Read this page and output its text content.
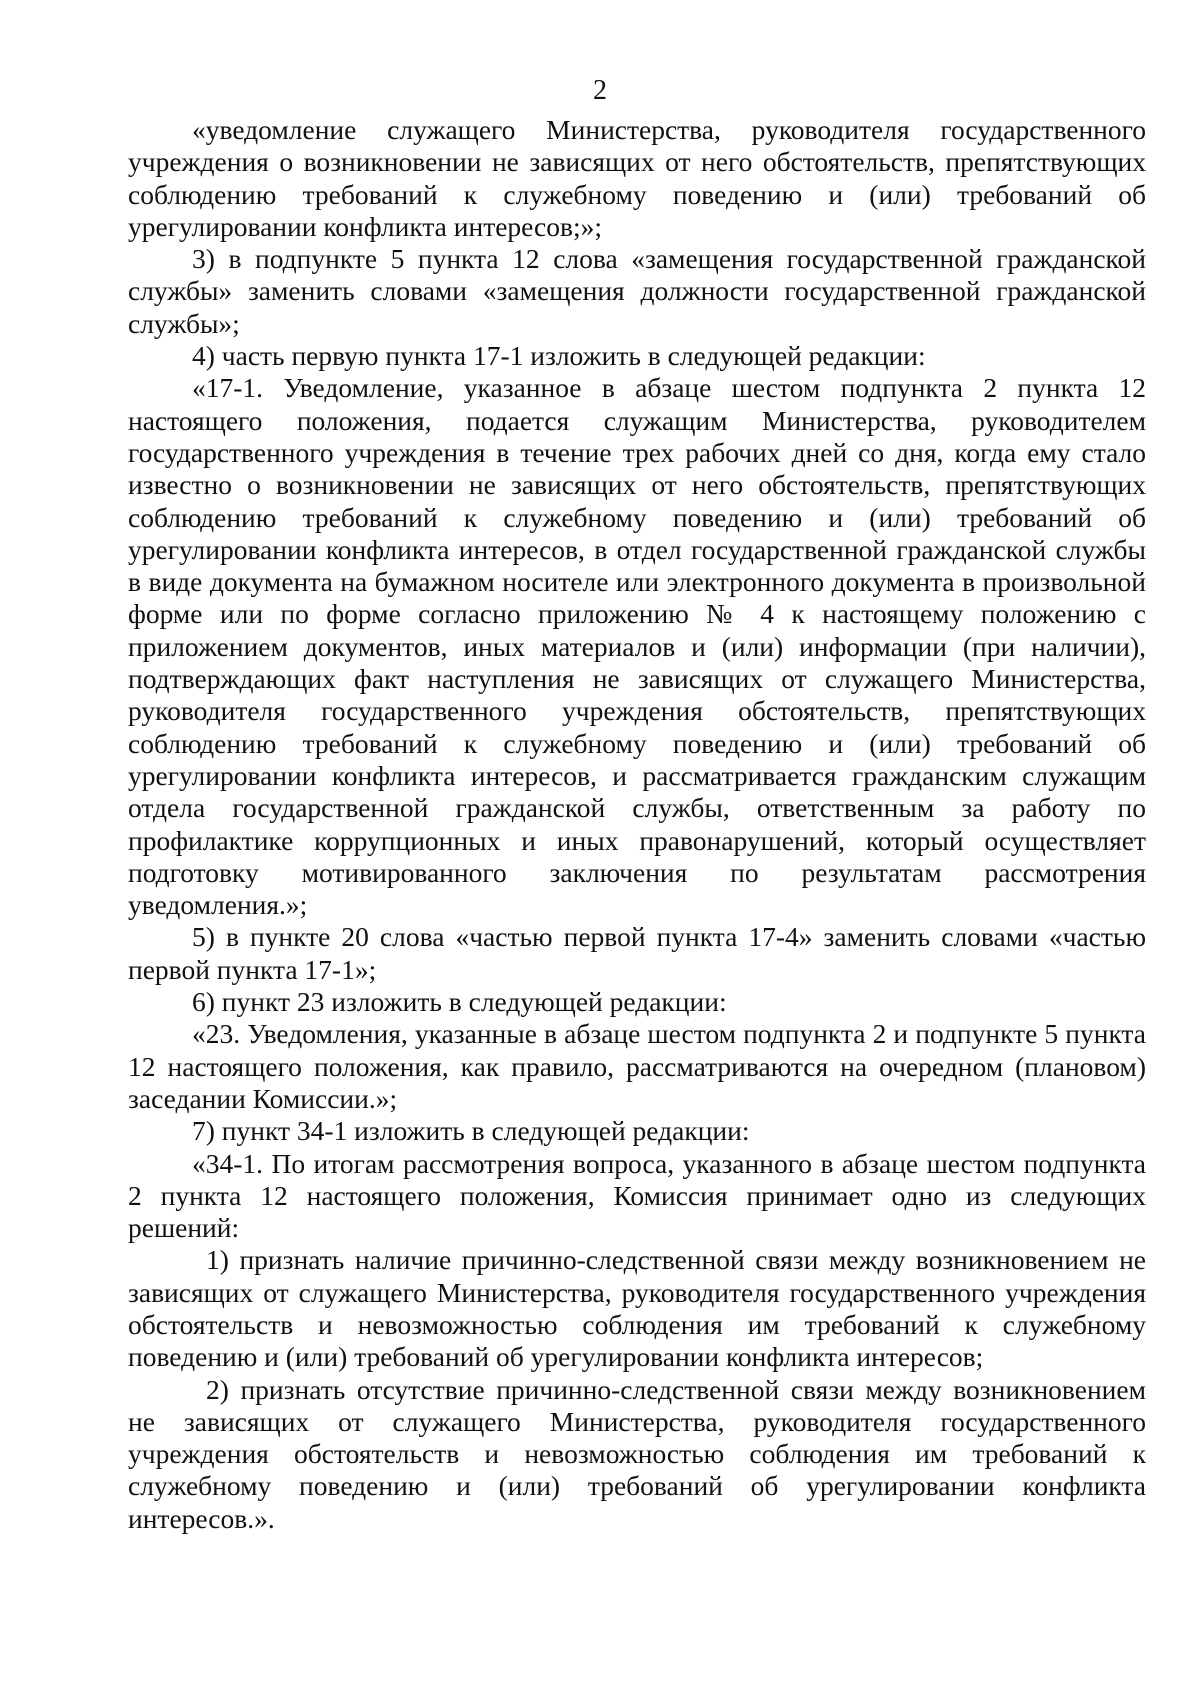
2

«уведомление служащего Министерства, руководителя государственного учреждения о возникновении не зависящих от него обстоятельств, препятствующих соблюдению требований к служебному поведению и (или) требований об урегулировании конфликта интересов;»;

3) в подпункте 5 пункта 12 слова «замещения государственной гражданской службы» заменить словами «замещения должности государственной гражданской службы»;

4) часть первую пункта 17-1 изложить в следующей редакции:

«17-1. Уведомление, указанное в абзаце шестом подпункта 2 пункта 12 настоящего положения, подается служащим Министерства, руководителем государственного учреждения в течение трех рабочих дней со дня, когда ему стало известно о возникновении не зависящих от него обстоятельств, препятствующих соблюдению требований к служебному поведению и (или) требований об урегулировании конфликта интересов, в отдел государственной гражданской службы в виде документа на бумажном носителе или электронного документа в произвольной форме или по форме согласно приложению № 4 к настоящему положению с приложением документов, иных материалов и (или) информации (при наличии), подтверждающих факт наступления не зависящих от служащего Министерства, руководителя государственного учреждения обстоятельств, препятствующих соблюдению требований к служебному поведению и (или) требований об урегулировании конфликта интересов, и рассматривается гражданским служащим отдела государственной гражданской службы, ответственным за работу по профилактике коррупционных и иных правонарушений, который осуществляет подготовку мотивированного заключения по результатам рассмотрения уведомления.»;

5) в пункте 20 слова «частью первой пункта 17-4» заменить словами «частью первой пункта 17-1»;

6) пункт 23 изложить в следующей редакции:

«23. Уведомления, указанные в абзаце шестом подпункта 2 и подпункте 5 пункта 12 настоящего положения, как правило, рассматриваются на очередном (плановом) заседании Комиссии.»;

7) пункт 34-1 изложить в следующей редакции:

«34-1. По итогам рассмотрения вопроса, указанного в абзаце шестом подпункта 2 пункта 12 настоящего положения, Комиссия принимает одно из следующих решений:

1) признать наличие причинно-следственной связи между возникновением не зависящих от служащего Министерства, руководителя государственного учреждения обстоятельств и невозможностью соблюдения им требований к служебному поведению и (или) требований об урегулировании конфликта интересов;

2) признать отсутствие причинно-следственной связи между возникновением не зависящих от служащего Министерства, руководителя государственного учреждения обстоятельств и невозможностью соблюдения им требований к служебному поведению и (или) требований об урегулировании конфликта интересов.».
